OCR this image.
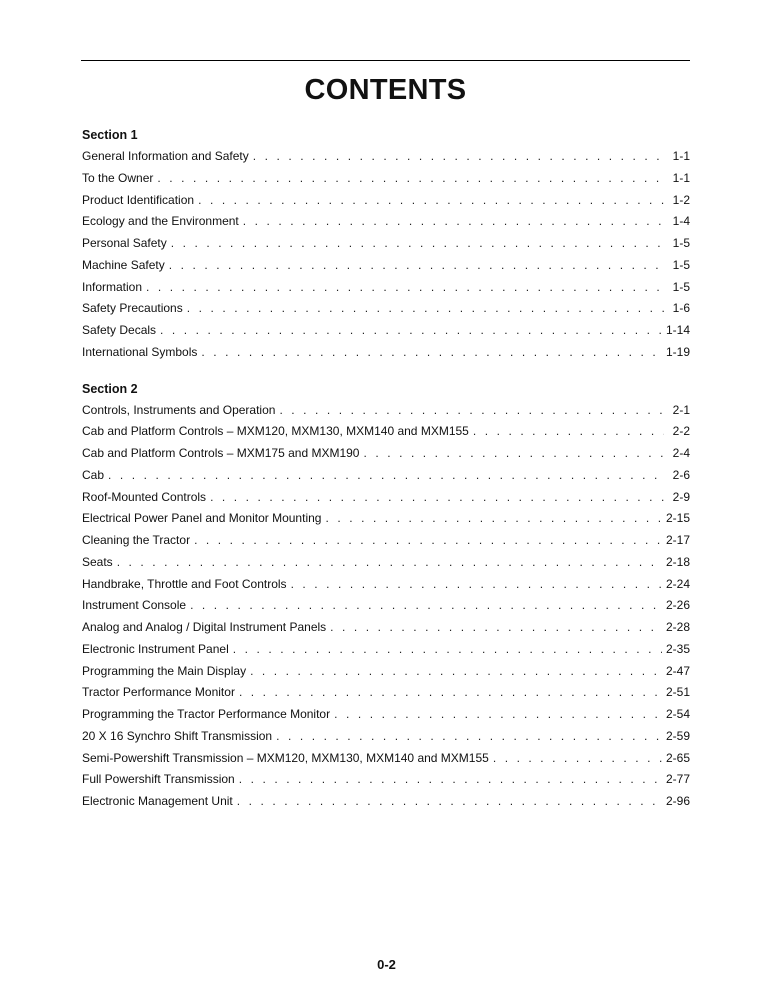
CONTENTS
Section 1
General Information and Safety . . .	1-1
To the Owner . . .	1-1
Product Identification . . .	1-2
Ecology and the Environment . . .	1-4
Personal Safety . . .	1-5
Machine Safety . . .	1-5
Information . . .	1-5
Safety Precautions . . .	1-6
Safety Decals . . .	1-14
International Symbols . . .	1-19
Section 2
Controls, Instruments and Operation . . .	2-1
Cab and Platform Controls – MXM120, MXM130, MXM140 and MXM155 . . .	2-2
Cab and Platform Controls – MXM175 and MXM190 . . .	2-4
Cab . . .	2-6
Roof-Mounted Controls . . .	2-9
Electrical Power Panel and Monitor Mounting . . .	2-15
Cleaning the Tractor . . .	2-17
Seats . . .	2-18
Handbrake, Throttle and Foot Controls . . .	2-24
Instrument Console . . .	2-26
Analog and Analog / Digital Instrument Panels . . .	2-28
Electronic Instrument Panel . . .	2-35
Programming the Main Display . . .	2-47
Tractor Performance Monitor . . .	2-51
Programming the Tractor Performance Monitor . . .	2-54
20 X 16 Synchro Shift Transmission . . .	2-59
Semi-Powershift Transmission – MXM120, MXM130, MXM140 and MXM155 . . .	2-65
Full Powershift Transmission . . .	2-77
Electronic Management Unit . . .	2-96
0-2
